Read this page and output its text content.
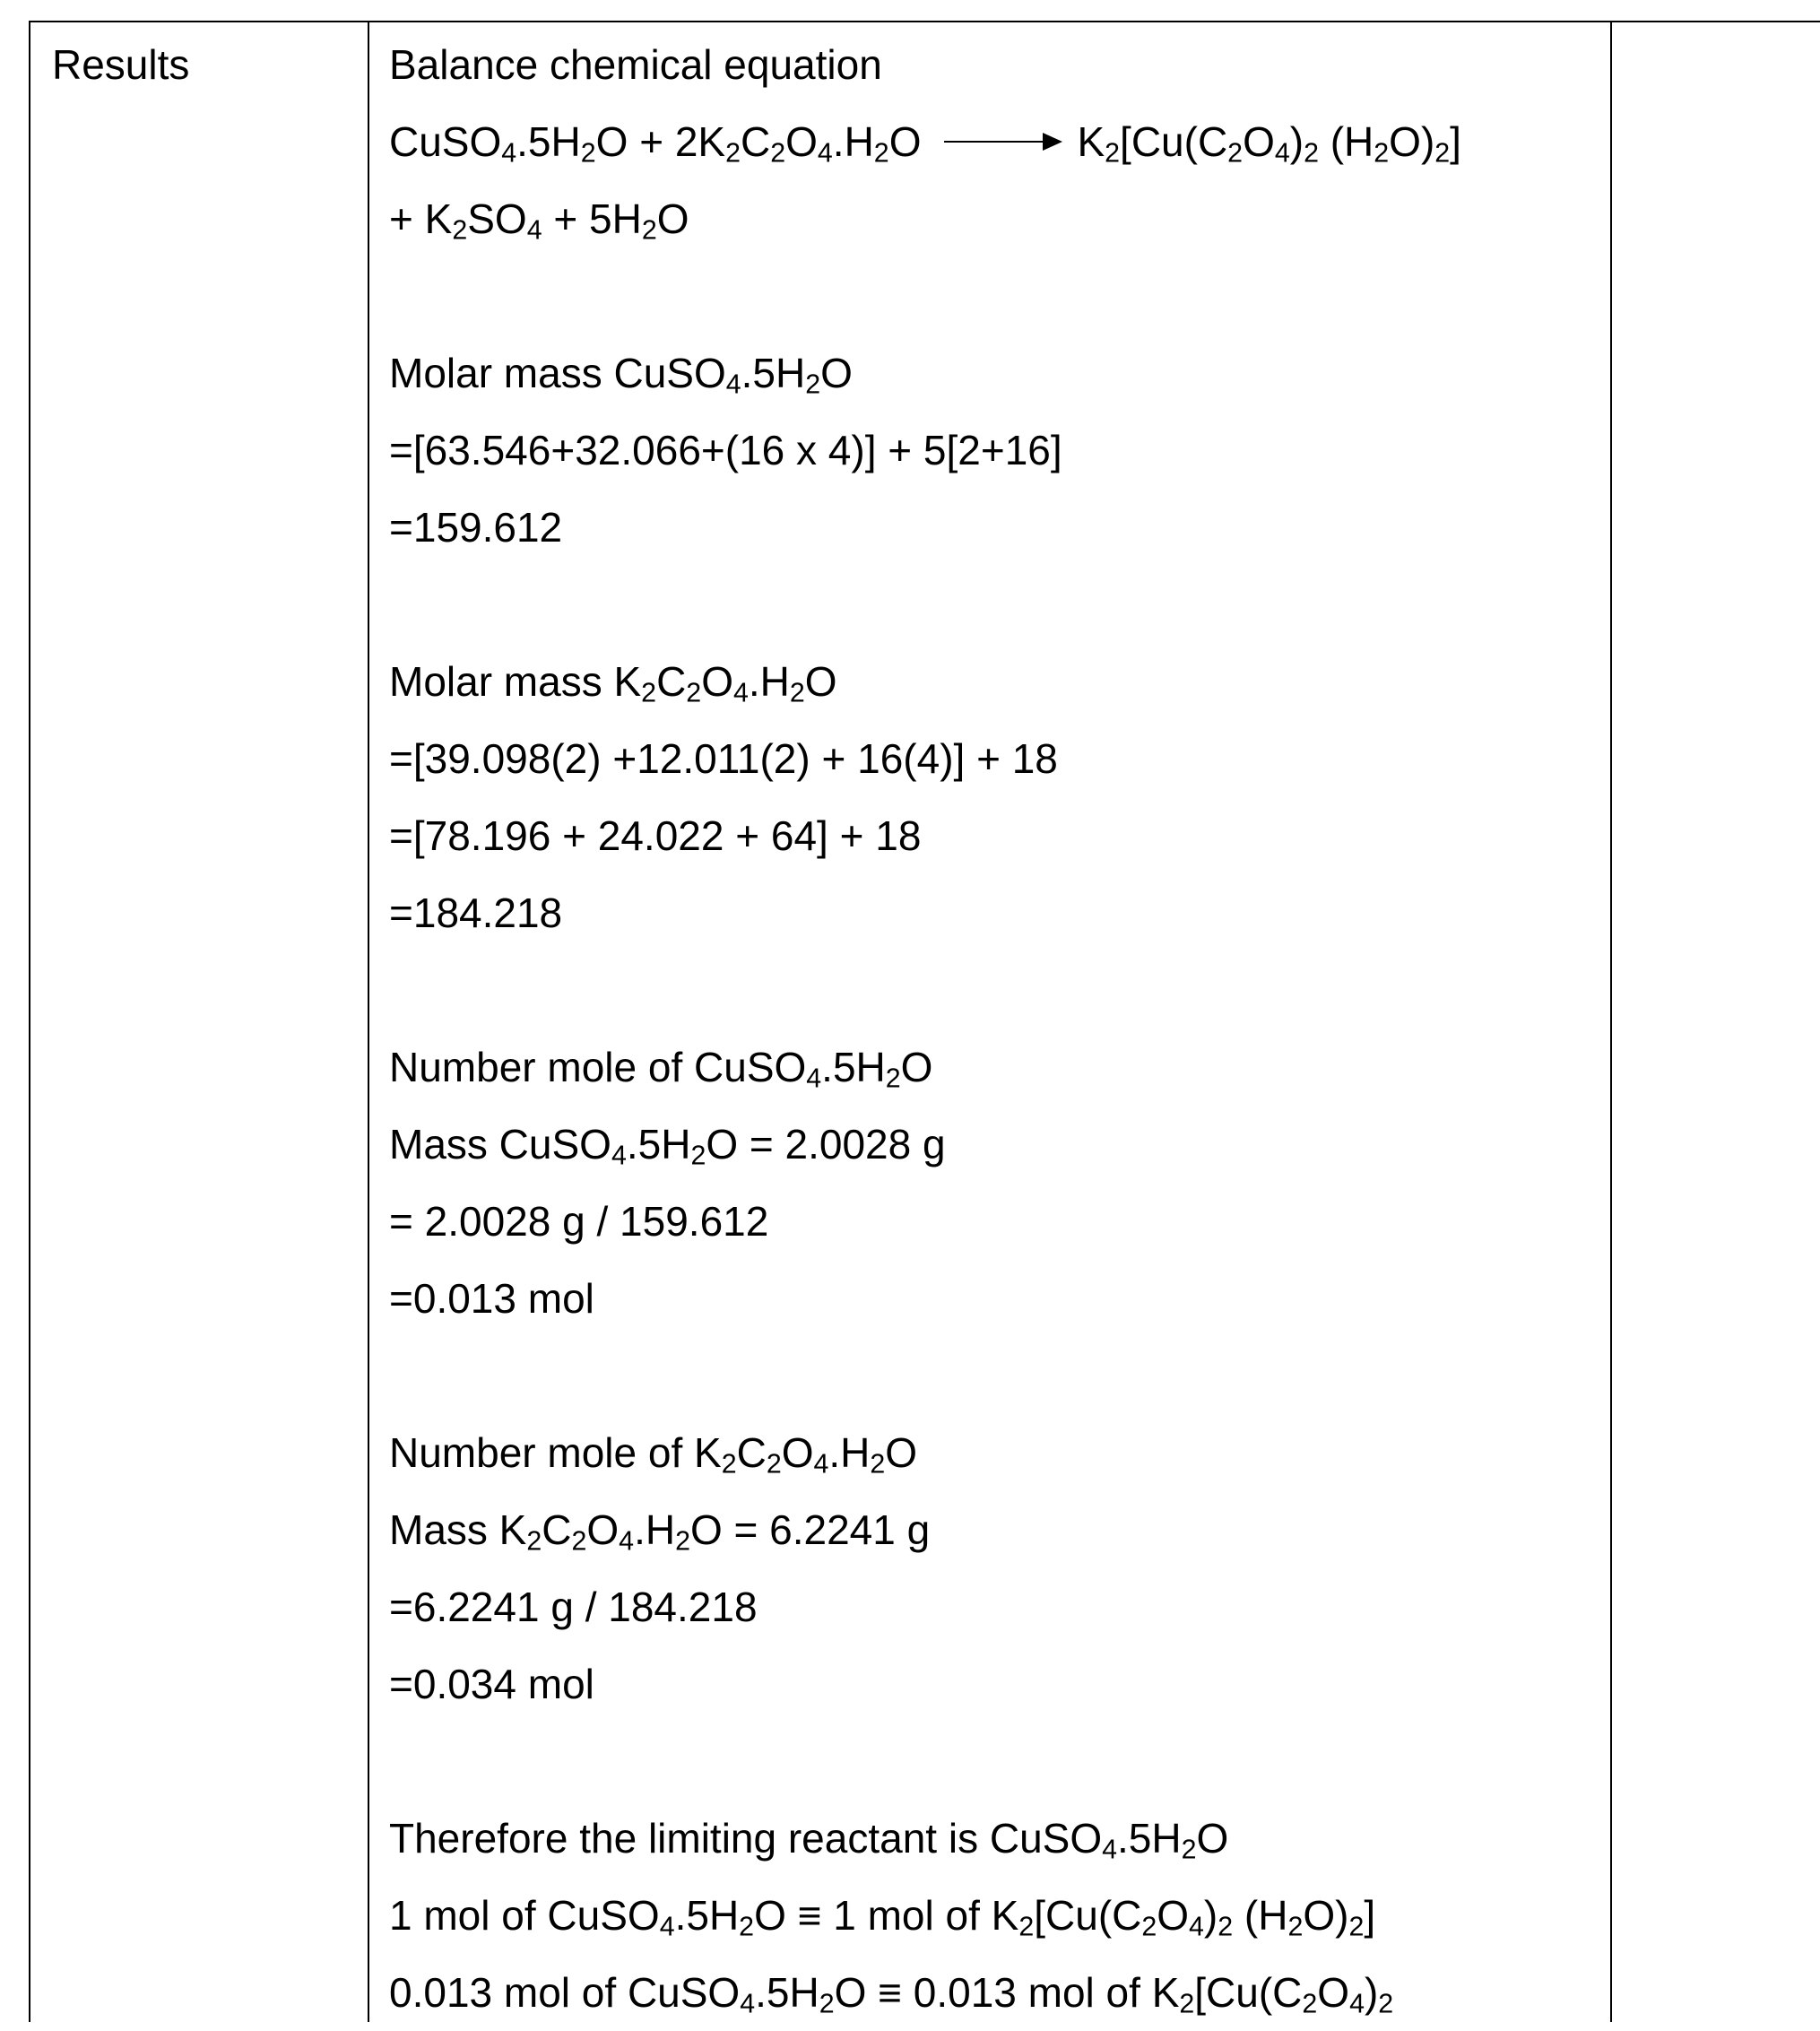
Results	Balance chemical equation
$CuSO_4.5H_2O + 2K_2C_2O_4.H_2O \to K_2[Cu(C_2O_4)_2$ $(H_2O)_2$]
+ $K_2SO_4 + 5H_2O$
Molar mass $CuSO_4.5H_2O$
=[63.546+32.066+(16 x 4)] + 5[2+16]
=159.612
Molar mass $K_2C_2O_4.H_2O$
=[39.098(2) +12.011(2) + 16(4)] + 18
=[78.196 + 24.022 + 64] + 18
=184.218
Number mole of $CuSO_4.5H_2O$
Mass $CuSO_4.5H_2O = 2.0028$ g
= 2.0028 g / 159.612
=0.013 mol
Number mole of $K_2C_2O_4.H_2O$
Mass $K_2C_2O_4.H_2O = 6.2241$ g
=6.2241 g / 184.218
=0.034 mol
Therefore the limiting reactant is $CuSO_4.5H_2O$
1 mol of $CuSO_4.5H_2O \equiv 1$ mol of $K_2[Cu(C_2O_4)_2$ $(H_2O)_2$]
0.013 mol of $CuSO_4.5H_2O \equiv 0.013$ mol of $K_2[Cu(C_2O_4)_2$
